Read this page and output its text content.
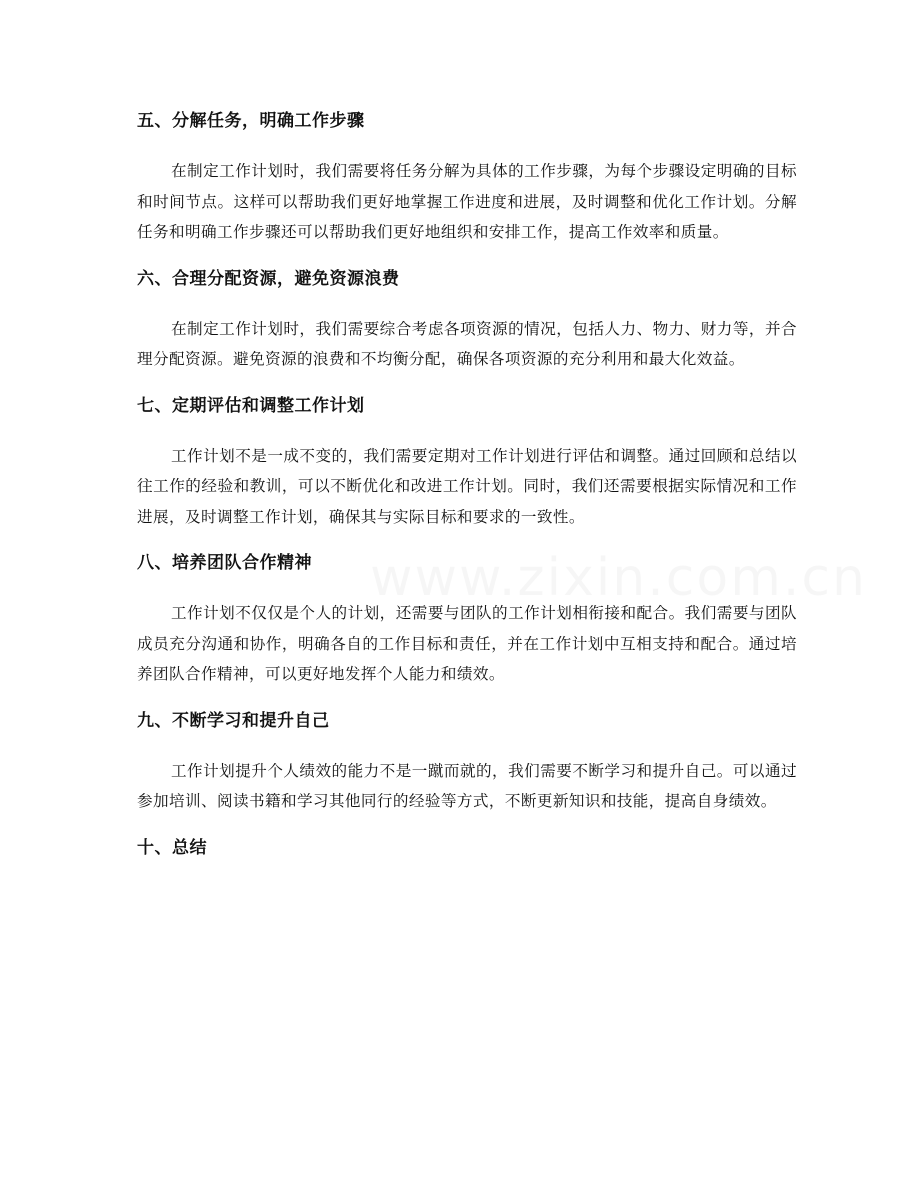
五、分解任务，明确工作步骤

在制定工作计划时，我们需要将任务分解为具体的工作步骤，为每个步骤设定明确的目标和时间节点。这样可以帮助我们更好地掌握工作进度和进展，及时调整和优化工作计划。分解任务和明确工作步骤还可以帮助我们更好地组织和安排工作，提高工作效率和质量。

六、合理分配资源，避免资源浪费

在制定工作计划时，我们需要综合考虑各项资源的情况，包括人力、物力、财力等，并合理分配资源。避免资源的浪费和不均衡分配，确保各项资源的充分利用和最大化效益。

七、定期评估和调整工作计划

工作计划不是一成不变的，我们需要定期对工作计划进行评估和调整。通过回顾和总结以往工作的经验和教训，可以不断优化和改进工作计划。同时，我们还需要根据实际情况和工作进展，及时调整工作计划，确保其与实际目标和要求的一致性。

八、培养团队合作精神

工作计划不仅仅是个人的计划，还需要与团队的工作计划相衔接和配合。我们需要与团队成员充分沟通和协作，明确各自的工作目标和责任，并在工作计划中互相支持和配合。通过培养团队合作精神，可以更好地发挥个人能力和绩效。

九、不断学习和提升自己

工作计划提升个人绩效的能力不是一蹴而就的，我们需要不断学习和提升自己。可以通过参加培训、阅读书籍和学习其他同行的经验等方式，不断更新知识和技能，提高自身绩效。

十、总结
